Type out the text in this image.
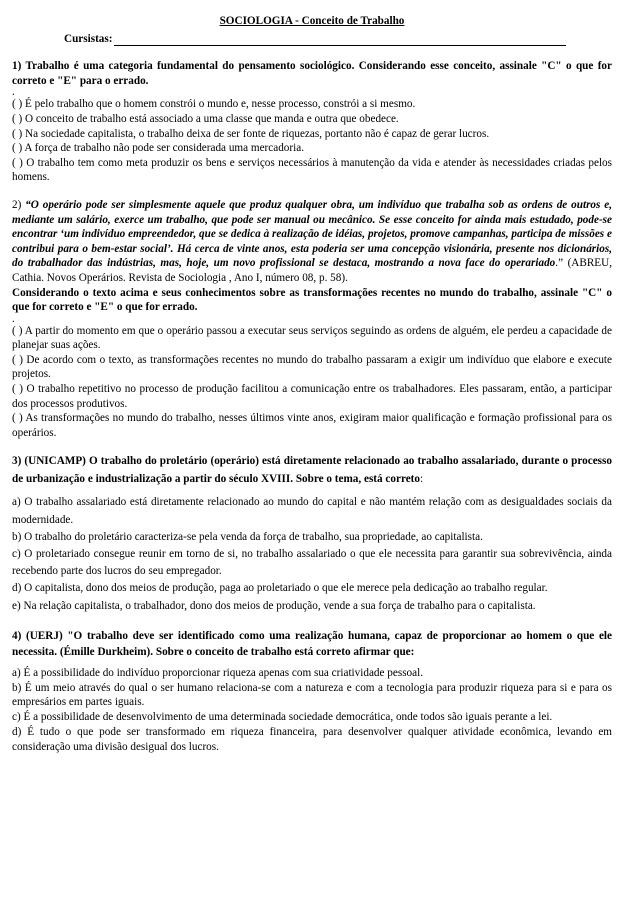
SOCIOLOGIA - Conceito de Trabalho
Cursistas:
1) Trabalho é uma categoria fundamental do pensamento sociológico. Considerando esse conceito, assinale "C" o que for correto e "E" para o errado.
.
( ) É pelo trabalho que o homem constrói o mundo e, nesse processo, constrói a si mesmo.
( ) O conceito de trabalho está associado a uma classe que manda e outra que obedece.
( ) Na sociedade capitalista, o trabalho deixa de ser fonte de riquezas, portanto não é capaz de gerar lucros.
( ) A força de trabalho não pode ser considerada uma mercadoria.
( ) O trabalho tem como meta produzir os bens e serviços necessários à manutenção da vida e atender às necessidades criadas pelos homens.
2) “O operário pode ser simplesmente aquele que produz qualquer obra, um indivíduo que trabalha sob as ordens de outros e, mediante um salário, exerce um trabalho, que pode ser manual ou mecânico. Se esse conceito for ainda mais estudado, pode-se encontrar ‘um indivíduo empreendedor, que se dedica à realização de idéias, projetos, promove campanhas, participa de missões e contribui para o bem-estar social’. Há cerca de vinte anos, esta poderia ser uma concepção visionária, presente nos dicionários, do trabalhador das indústrias, mas, hoje, um novo profissional se destaca, mostrando a nova face do operariado.” (ABREU, Cathia. Novos Operários. Revista de Sociologia , Ano I, número 08, p. 58).
Considerando o texto acima e seus conhecimentos sobre as transformações recentes no mundo do trabalho, assinale "C" o que for correto e "E" o que for errado.
.
( ) A partir do momento em que o operário passou a executar seus serviços seguindo as ordens de alguém, ele perdeu a capacidade de planejar suas ações.
( ) De acordo com o texto, as transformações recentes no mundo do trabalho passaram a exigir um indivíduo que elabore e execute projetos.
( ) O trabalho repetitivo no processo de produção facilitou a comunicação entre os trabalhadores. Eles passaram, então, a participar dos processos produtivos.
( ) As transformações no mundo do trabalho, nesses últimos vinte anos, exigiram maior qualificação e formação profissional para os operários.
3) (UNICAMP) O trabalho do proletário (operário) está diretamente relacionado ao trabalho assalariado, durante o processo de urbanização e industrialização a partir do século XVIII. Sobre o tema, está correto:
a) O trabalho assalariado está diretamente relacionado ao mundo do capital e não mantém relação com as desigualdades sociais da modernidade.
b) O trabalho do proletário caracteriza-se pela venda da força de trabalho, sua propriedade, ao capitalista.
c) O proletariado consegue reunir em torno de si, no trabalho assalariado o que ele necessita para garantir sua sobrevivência, ainda recebendo parte dos lucros do seu empregador.
d) O capitalista, dono dos meios de produção, paga ao proletariado o que ele merece pela dedicação ao trabalho regular.
e) Na relação capitalista, o trabalhador, dono dos meios de produção, vende a sua força de trabalho para o capitalista.
4) (UERJ) "O trabalho deve ser identificado como uma realização humana, capaz de proporcionar ao homem o que ele necessita. (Émille Durkheim). Sobre o conceito de trabalho está correto afirmar que:
a) É a possibilidade do indivíduo proporcionar riqueza apenas com sua criatividade pessoal.
b) É um meio através do qual o ser humano relaciona-se com a natureza e com a tecnologia para produzir riqueza para si e para os empresários em partes iguais.
c) É a possibilidade de desenvolvimento de uma determinada sociedade democrática, onde todos são iguais perante a lei.
d) É tudo o que pode ser transformado em riqueza financeira, para desenvolver qualquer atividade econômica, levando em consideração uma divisão desigual dos lucros.
